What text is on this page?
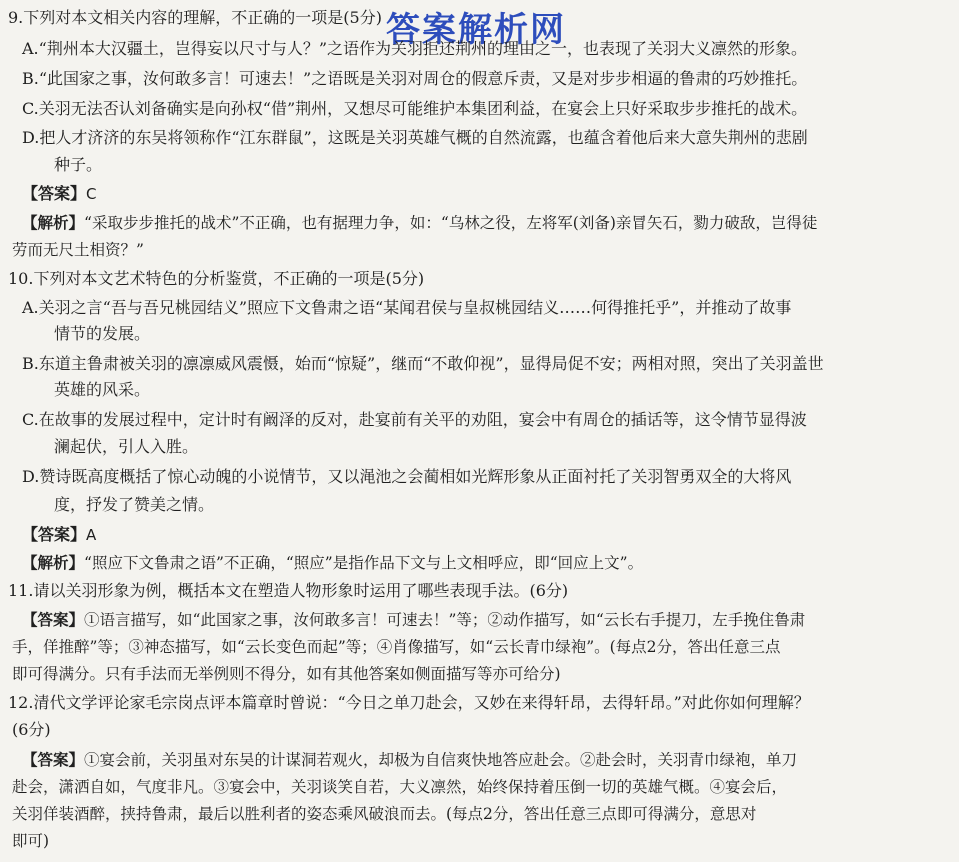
答案解析网
9.下列对本文相关内容的理解，不正确的一项是(5分)
A.“荆州本大汉疆土，岂得妄以尺寸与人？”之语作为关羽拒还荆州的理由之一，也表现了关羽大义凛然的形象。
B.“此国家之事，汝何敢多言！可速去！”之语既是关羽对周仓的假意斥责，又是对步步相逼的鲁肃的巧妙推托。
C.关羽无法否认刘备确实是向孙权“借”荆州，又想尽可能维护本集团利益，在宴会上只好采取步步推托的战术。
D.把人才济济的东吴将领称作“江东群鼠”，这既是关羽英雄气概的自然流露，也蕴含着他后来大意失荆州的悲剧
种子。
【答案】C
【解析】“采取步步推托的战术”不正确，也有据理力争，如：“乌林之役，左将军(刘备)亲冒矢石，勠力破敌，岂得徒
劳而无尺土相资？”
10.下列对本文艺术特色的分析鉴赏，不正确的一项是(5分)
A.关羽之言“吾与吾兄桃园结义”照应下文鲁肃之语“某闻君侯与皇叔桃园结义……何得推托乎”，并推动了故事
情节的发展。
B.东道主鲁肃被关羽的凛凛威风震慑，始而“惊疑”，继而“不敢仰视”，显得局促不安；两相对照，突出了关羽盖世
英雄的风采。
C.在故事的发展过程中，定计时有阚泽的反对，赴宴前有关平的劝阻，宴会中有周仓的插话等，这令情节显得波
澜起伏，引人入胜。
D.赞诗既高度概括了惊心动魄的小说情节，又以渑池之会蔺相如光辉形象从正面衬托了关羽智勇双全的大将风
度，抒发了赞美之情。
【答案】A
【解析】“照应下文鲁肃之语”不正确，“照应”是指作品下文与上文相呼应，即“回应上文”。
11.请以关羽形象为例，概括本文在塑造人物形象时运用了哪些表现手法。(6分)
【答案】①语言描写，如“此国家之事，汝何敢多言！可速去！”等；②动作描写，如“云长右手提刀，左手挽住鲁肃
手，佯推醉”等；③神态描写，如“云长变色而起”等；④肖像描写，如“云长青巾绿袍”。(每点2分，答出任意三点
即可得满分。只有手法而无举例则不得分，如有其他答案如侧面描写等亦可给分)
12.清代文学评论家毛宗岗点评本篇章时曾说：“今日之单刀赴会，又妙在来得轩昂，去得轩昂。”对此你如何理解？
(6分)
【答案】①宴会前，关羽虽对东吴的计谋洞若观火，却极为自信爽快地答应赴会。②赴会时，关羽青巾绿袍，单刀
赴会，潇洒自如，气度非凡。③宴会中，关羽谈笑自若，大义凛然，始终保持着压倒一切的英雄气概。④宴会后，
关羽佯装酒醉，挟持鲁肃，最后以胜利者的姿态乘风破浪而去。(每点2分，答出任意三点即可得满分，意思对
即可)
